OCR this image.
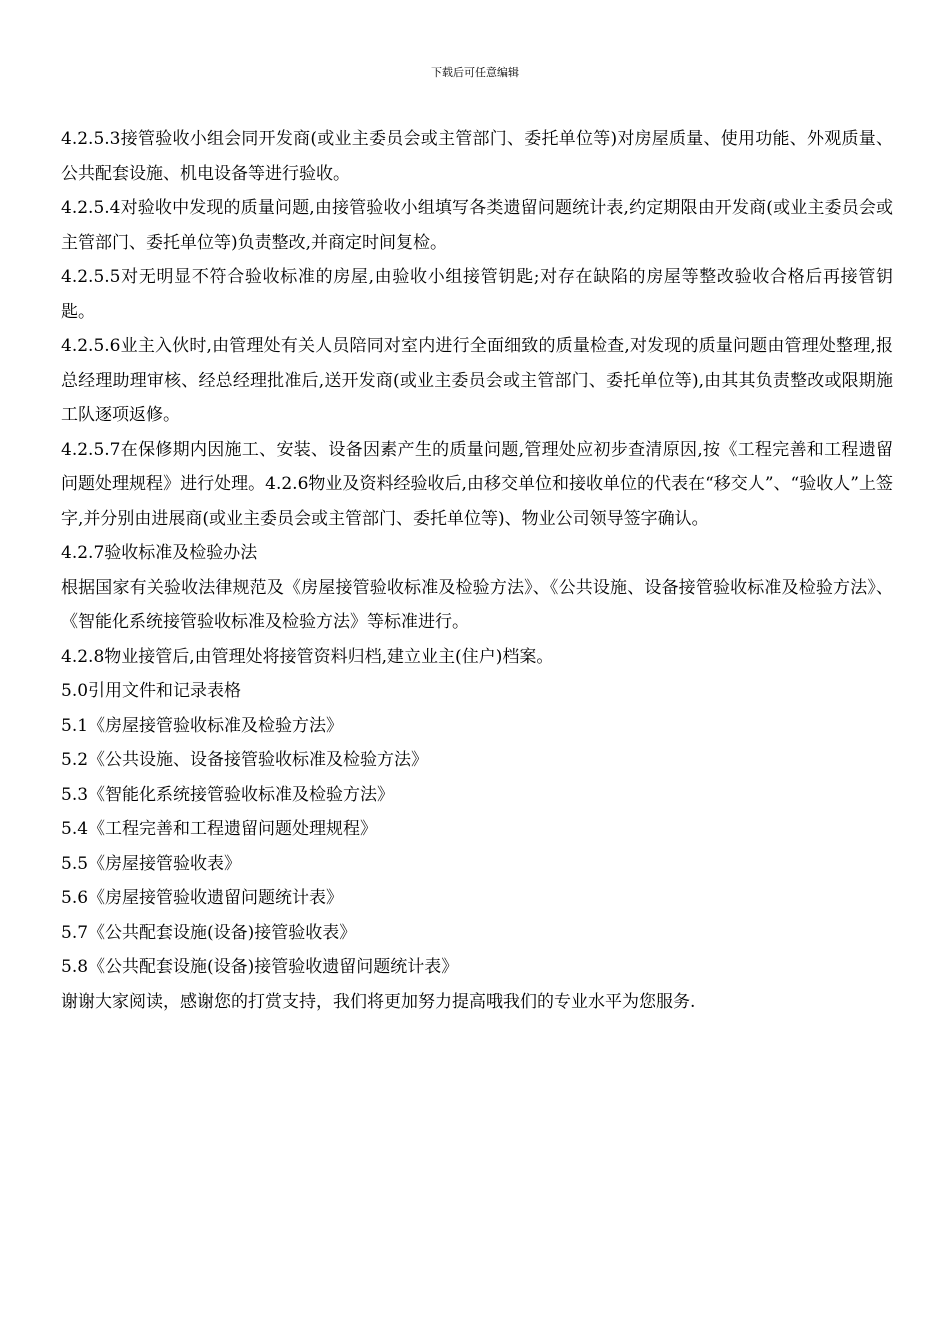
下载后可任意编辑

4.2.5.3接管验收小组会同开发商(或业主委员会或主管部门、委托单位等)对房屋质量、使用功能、外观质量、公共配套设施、机电设备等进行验收。

4.2.5.4对验收中发现的质量问题,由接管验收小组填写各类遗留问题统计表,约定期限由开发商(或业主委员会或主管部门、委托单位等)负责整改,并商定时间复检。

4.2.5.5对无明显不符合验收标准的房屋,由验收小组接管钥匙;对存在缺陷的房屋等整改验收合格后再接管钥匙。

4.2.5.6业主入伙时,由管理处有关人员陪同对室内进行全面细致的质量检查,对发现的质量问题由管理处整理,报总经理助理审核、经总经理批准后,送开发商(或业主委员会或主管部门、委托单位等),由其其负责整改或限期施工队逐项返修。

4.2.5.7在保修期内因施工、安装、设备因素产生的质量问题,管理处应初步查清原因,按《工程完善和工程遗留问题处理规程》进行处理。4.2.6物业及资料经验收后,由移交单位和接收单位的代表在“移交人”、“验收人”上签字,并分别由进展商(或业主委员会或主管部门、委托单位等)、物业公司领导签字确认。

4.2.7验收标准及检验办法

根据国家有关验收法律规范及《房屋接管验收标准及检验方法》、《公共设施、设备接管验收标准及检验方法》、《智能化系统接管验收标准及检验方法》等标准进行。

4.2.8物业接管后,由管理处将接管资料归档,建立业主(住户)档案。

5.0引用文件和记录表格

5.1《房屋接管验收标准及检验方法》

5.2《公共设施、设备接管验收标准及检验方法》

5.3《智能化系统接管验收标准及检验方法》

5.4《工程完善和工程遗留问题处理规程》

5.5《房屋接管验收表》

5.6《房屋接管验收遗留问题统计表》

5.7《公共配套设施(设备)接管验收表》

5.8《公共配套设施(设备)接管验收遗留问题统计表》

谢谢大家阅读，感谢您的打赏支持，我们将更加努力提高哦我们的专业水平为您服务.
